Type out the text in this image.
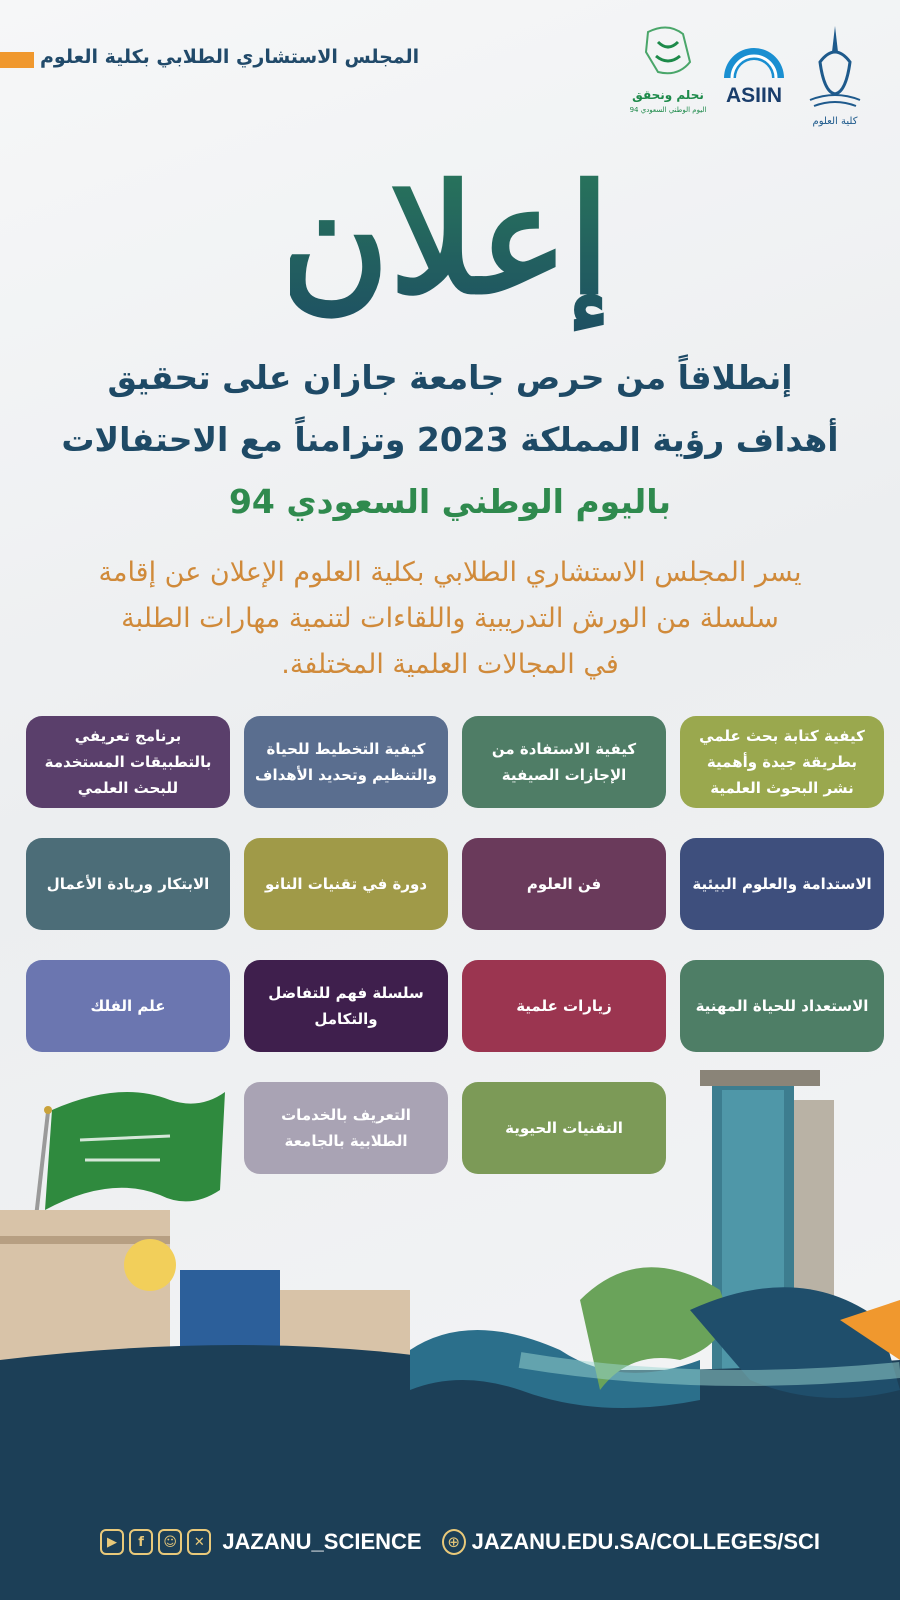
المجلس الاستشاري الطلابي بكلية العلوم
كلية العلوم
ASIIN
نحلم ونحقق
اليوم الوطني السعودي 94
إعلان
إنطلاقاً من حرص جامعة جازان على تحقيق
أهداف رؤية المملكة 2023 وتزامناً مع الاحتفالات
باليوم الوطني السعودي 94
يسر المجلس الاستشاري الطلابي بكلية العلوم الإعلان عن إقامة
سلسلة من الورش التدريبية واللقاءات لتنمية مهارات الطلبة
في المجالات العلمية المختلفة.
كيفية كتابة بحث علمي بطريقة جيدة وأهمية نشر البحوث العلمية
كيفية الاستفادة من الإجازات الصيفية
كيفية التخطيط للحياة والتنظيم وتحديد الأهداف
برنامج تعريفي بالتطبيقات المستخدمة للبحث العلمي
الاستدامة والعلوم البيئية
فن العلوم
دورة في تقنيات النانو
الابتكار وريادة الأعمال
الاستعداد للحياة المهنية
زيارات علمية
سلسلة فهم للتفاضل والتكامل
علم الفلك
التقنيات الحيوية
التعريف بالخدمات الطلابية بالجامعة
▶	f	☺	✕ JAZANU_SCIENCE	⊕ JAZANU.EDU.SA/COLLEGES/SCI
